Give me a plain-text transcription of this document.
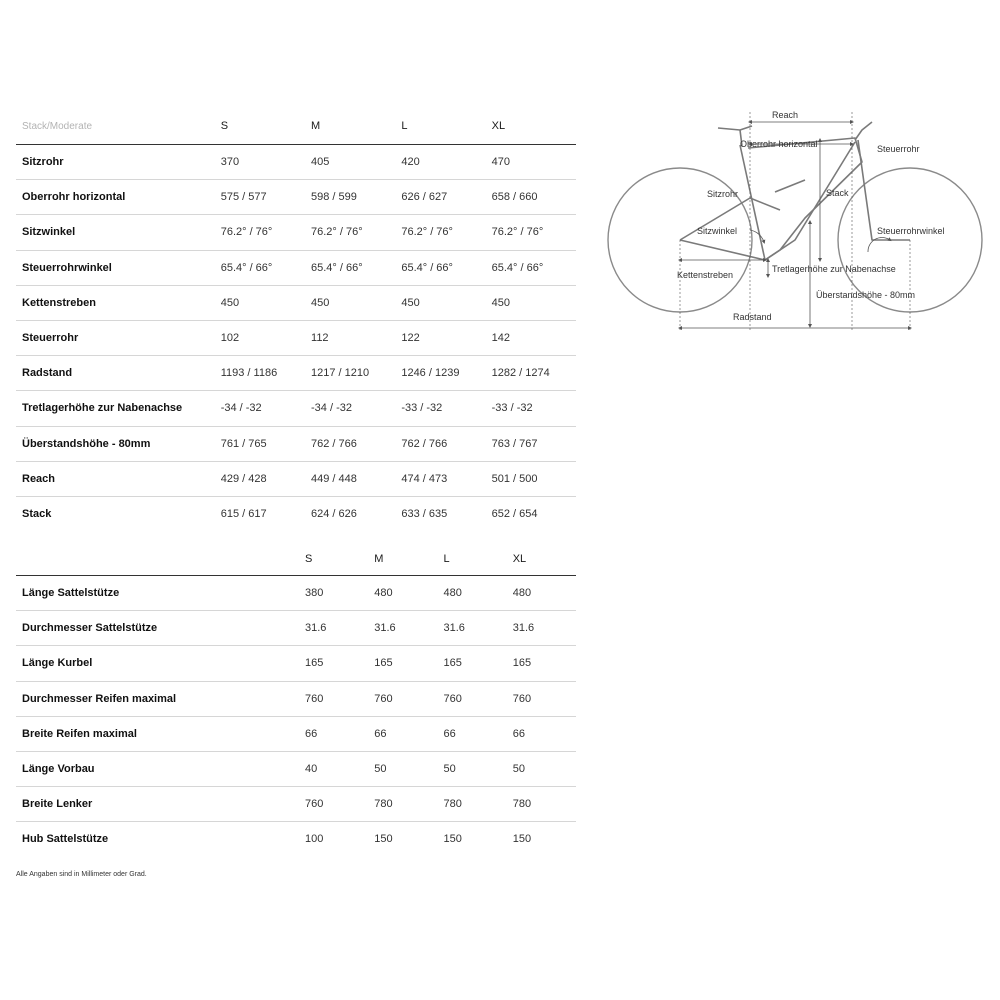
Stack/Moderate	S	M	L	XL
Sitzrohr	370	405	420	470
Oberrohr horizontal	575 / 577	598 / 599	626 / 627	658 / 660
Sitzwinkel	76.2° / 76°	76.2° / 76°	76.2° / 76°	76.2° / 76°
Steuerrohrwinkel	65.4° / 66°	65.4° / 66°	65.4° / 66°	65.4° / 66°
Kettenstreben	450	450	450	450
Steuerrohr	102	112	122	142
Radstand	1193 / 1186	1217 / 1210	1246 / 1239	1282 / 1274
Tretlagerhöhe zur Nabenachse	-34 / -32	-34 / -32	-33 / -32	-33 / -32
Überstandshöhe - 80mm	761 / 765	762 / 766	762 / 766	763 / 767
Reach	429 / 428	449 / 448	474 / 473	501 / 500
Stack	615 / 617	624 / 626	633 / 635	652 / 654
	S	M	L	XL
Länge Sattelstütze	380	480	480	480
Durchmesser Sattelstütze	31.6	31.6	31.6	31.6
Länge Kurbel	165	165	165	165
Durchmesser Reifen maximal	760	760	760	760
Breite Reifen maximal	66	66	66	66
Länge Vorbau	40	50	50	50
Breite Lenker	760	780	780	780
Hub Sattelstütze	100	150	150	150
Alle Angaben sind in Millimeter oder Grad.
Reach
Oberrohr horizontal	Steuerrohr
Sitzrohr	Stack
Sitzwinkel	Steuerrohrwinkel
Kettenstreben
Tretlagerhöhe zur Nabenachse
Überstandshöhe - 80mm
Radstand
